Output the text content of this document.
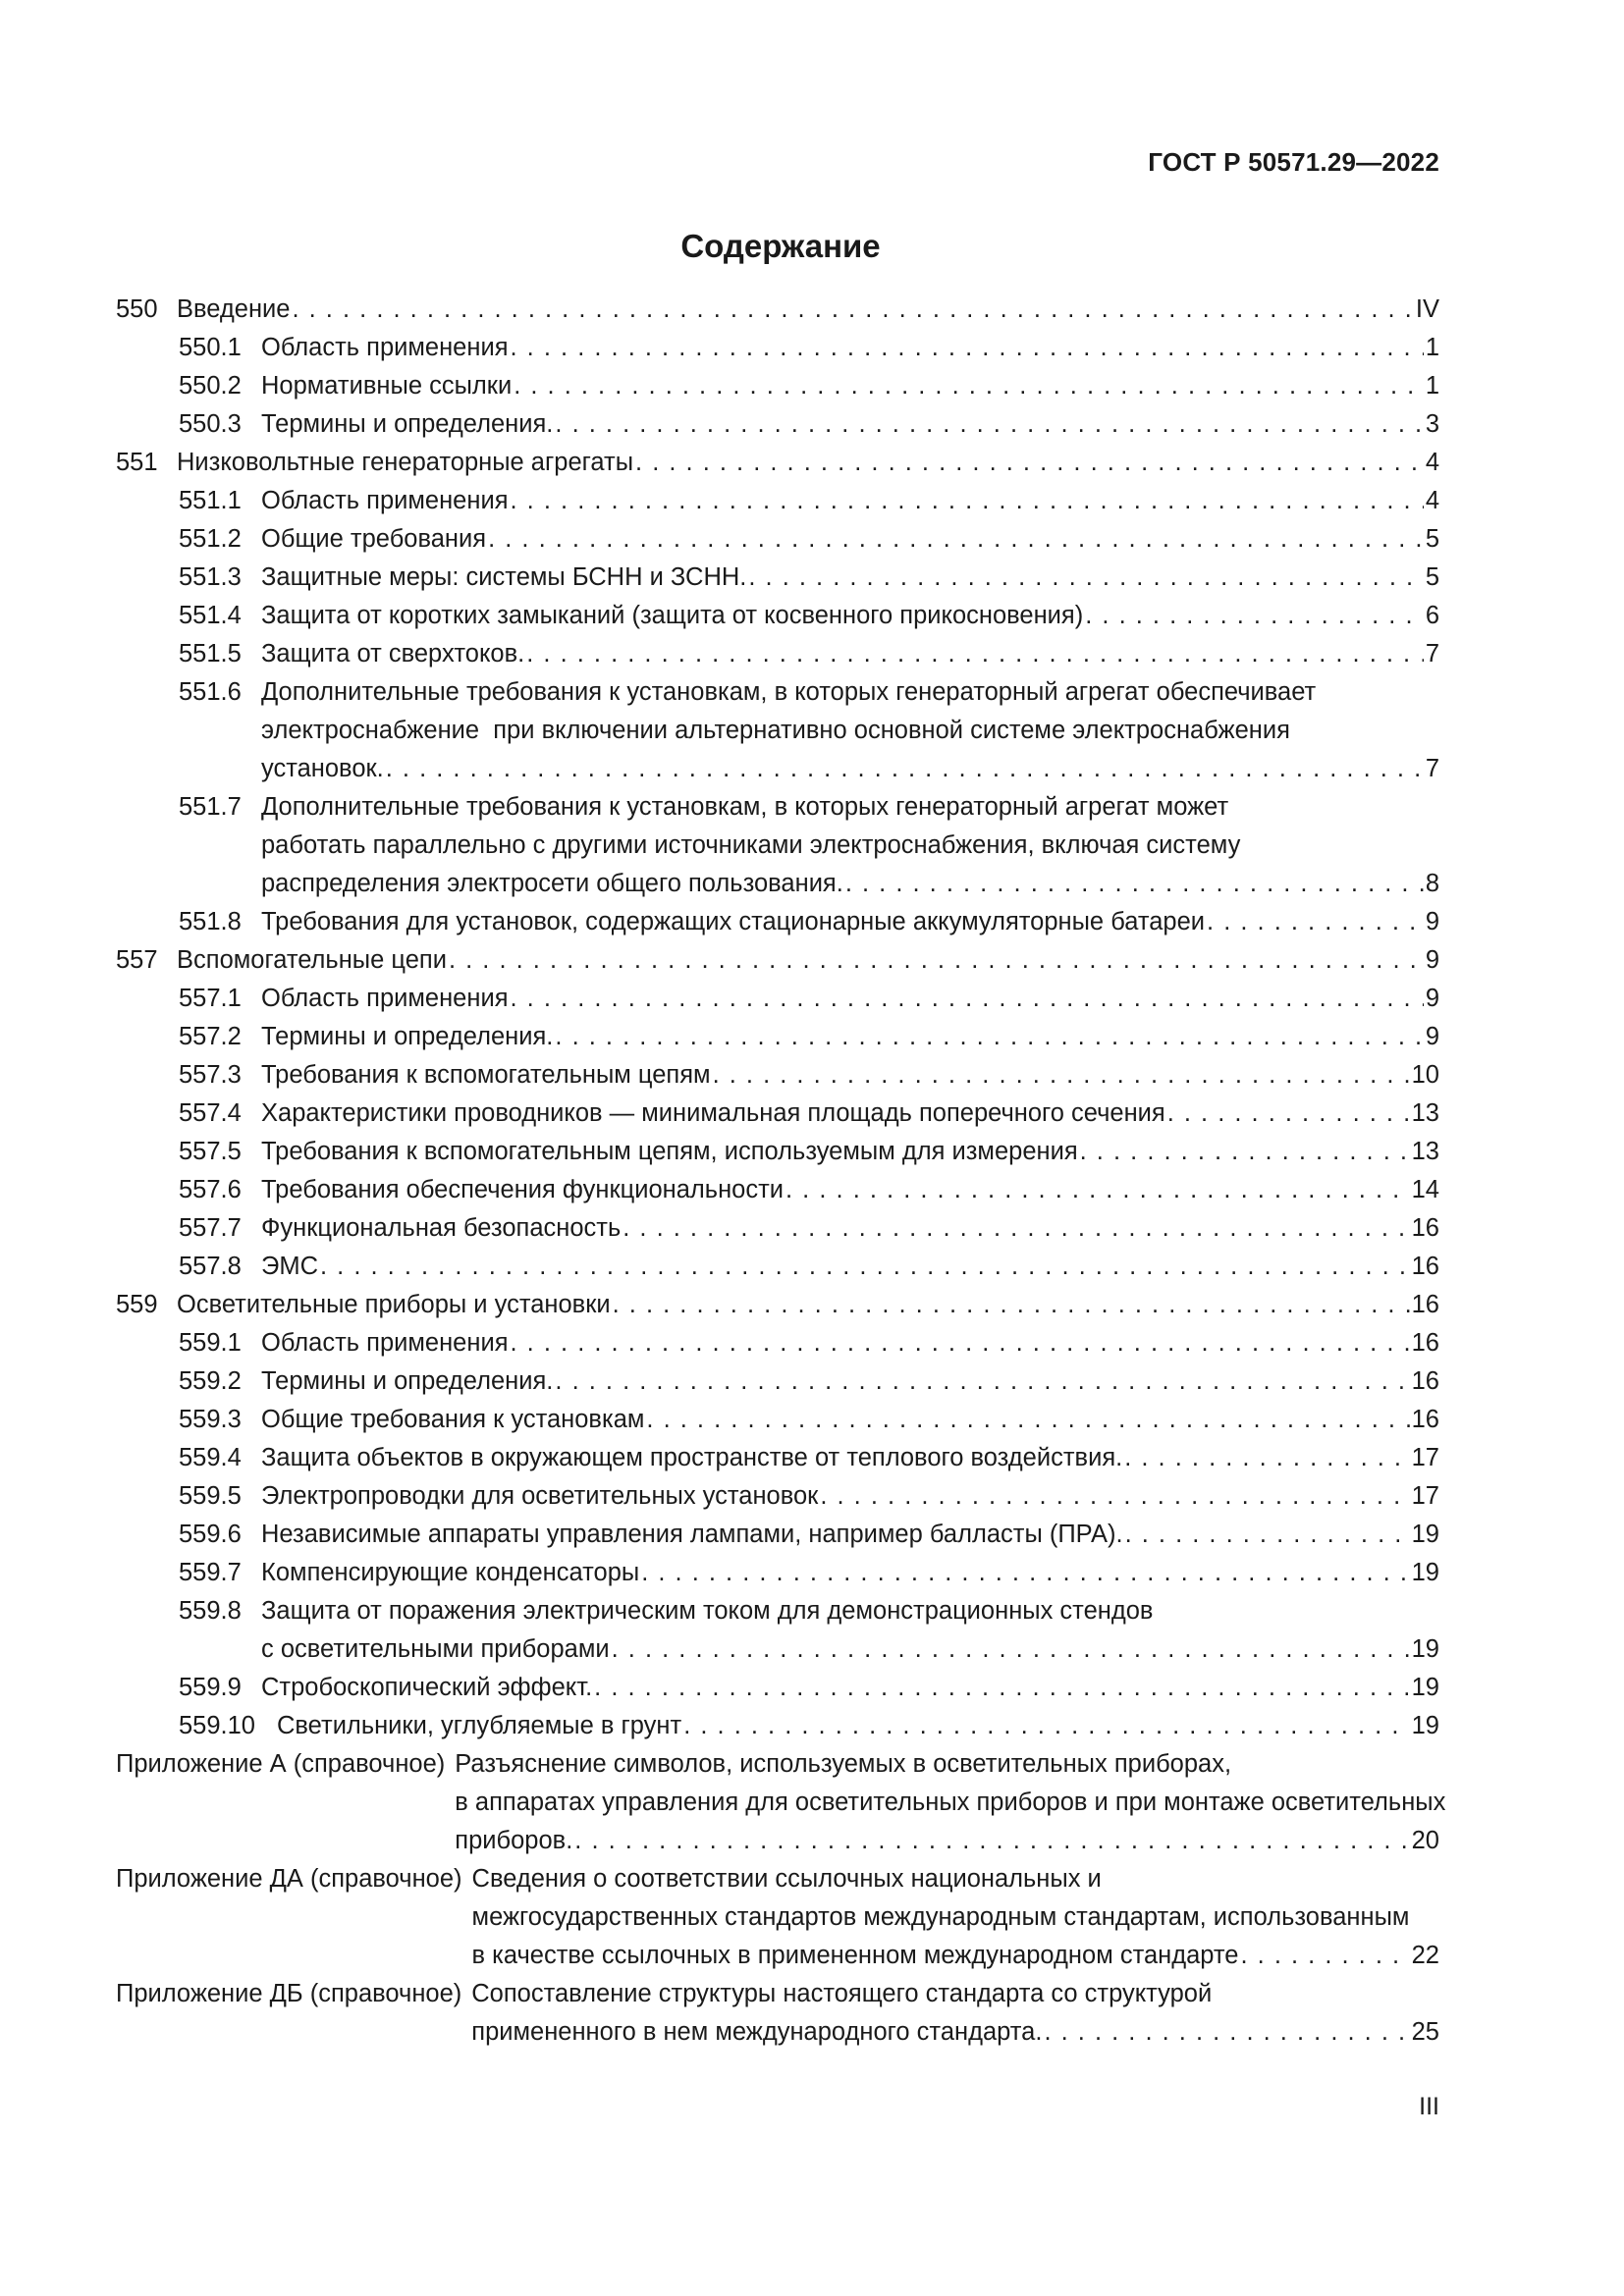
ГОСТ Р 50571.29—2022
Содержание
550 Введение . . .	IV
550.1 Область применения . . .	1
550.2 Нормативные ссылки . . .	1
550.3 Термины и определения. . . .	3
551 Низковольтные генераторные агрегаты . . .	4
551.1 Область применения . . .	4
551.2 Общие требования . . .	5
551.3 Защитные меры: системы БСНН и ЗСНН. . . .	5
551.4 Защита от коротких замыканий (защита от косвенного прикосновения) . . .	6
551.5 Защита от сверхтоков. . . .	7
551.6 Дополнительные требования к установкам, в которых генераторный агрегат обеспечивает
электроснабжение  при включении альтернативно основной системе электроснабжения
установок. . . .	7
551.7 Дополнительные требования к установкам, в которых генераторный агрегат может
работать параллельно с другими источниками электроснабжения, включая систему
распределения электросети общего пользования. . . .	8
551.8 Требования для установок, содержащих стационарные аккумуляторные батареи . . .	9
557 Вспомогательные цепи . . .	9
557.1 Область применения . . .	9
557.2 Термины и определения. . . .	9
557.3 Требования к вспомогательным цепям . . .	10
557.4 Характеристики проводников — минимальная площадь поперечного сечения . . .	13
557.5 Требования к вспомогательным цепям, используемым для измерения . . .	13
557.6 Требования обеспечения функциональности . . .	14
557.7 Функциональная безопасность . . .	16
557.8 ЭМС . . .	16
559 Осветительные приборы и установки . . .	16
559.1 Область применения . . .	16
559.2 Термины и определения. . . .	16
559.3 Общие требования к установкам . . .	16
559.4 Защита объектов в окружающем пространстве от теплового воздействия. . . .	17
559.5 Электропроводки для осветительных установок . . .	17
559.6 Независимые аппараты управления лампами, например балласты (ПРА). . . .	19
559.7 Компенсирующие конденсаторы . . .	19
559.8 Защита от поражения электрическим током для демонстрационных стендов
с осветительными приборами . . .	19
559.9 Стробоскопический эффект. . . .	19
559.10 Светильники, углубляемые в грунт . . .	19
Приложение А (справочное) Разъяснение символов, используемых в осветительных приборах,
в аппаратах управления для осветительных приборов и при монтаже осветительных
приборов. . . .	20
Приложение ДА (справочное) Сведения о соответствии ссылочных национальных и
межгосударственных стандартов международным стандартам, использованным
в качестве ссылочных в примененном международном стандарте . . .	22
Приложение ДБ (справочное) Сопоставление структуры настоящего стандарта со структурой
примененного в нем международного стандарта. . . .	25
III
